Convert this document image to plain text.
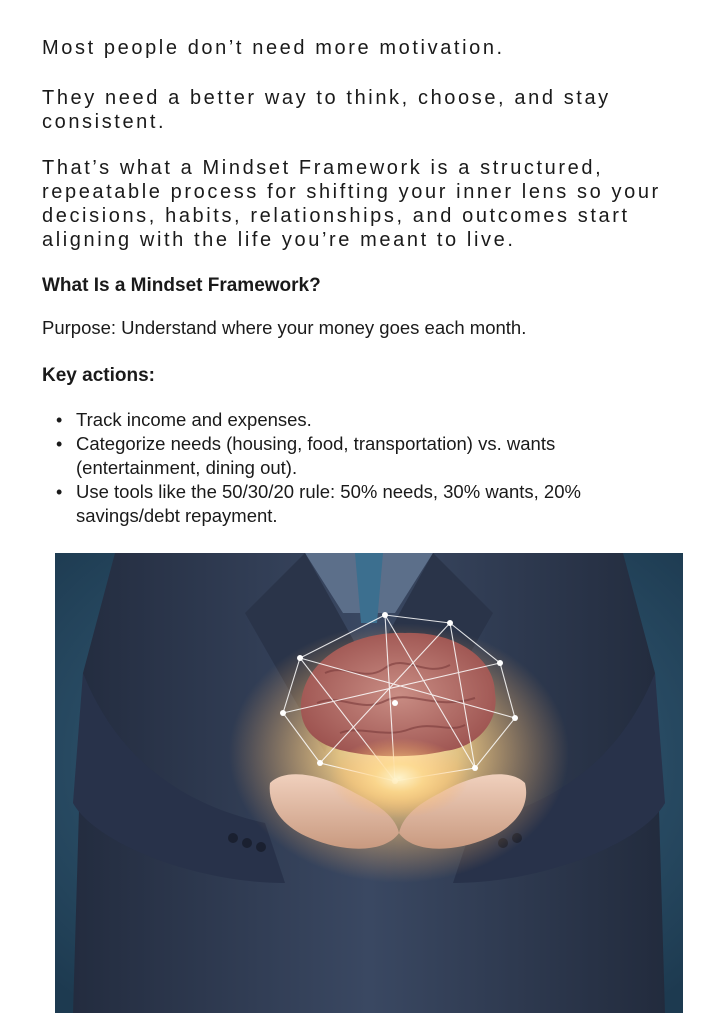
Most people don’t need more motivation.

They need a better way to think, choose, and stay consistent.

That’s what a Mindset Framework is a structured, repeatable process for shifting your inner lens so your decisions, habits, relationships, and outcomes start aligning with the life you’re meant to live.

What Is a Mindset Framework?

Purpose: Understand where your money goes each month.

Key actions:

• Track income and expenses.
• Categorize needs (housing, food, transportation) vs. wants (entertainment, dining out).
• Use tools like the 50/30/20 rule: 50% needs, 30% wants, 20% savings/debt repayment.
